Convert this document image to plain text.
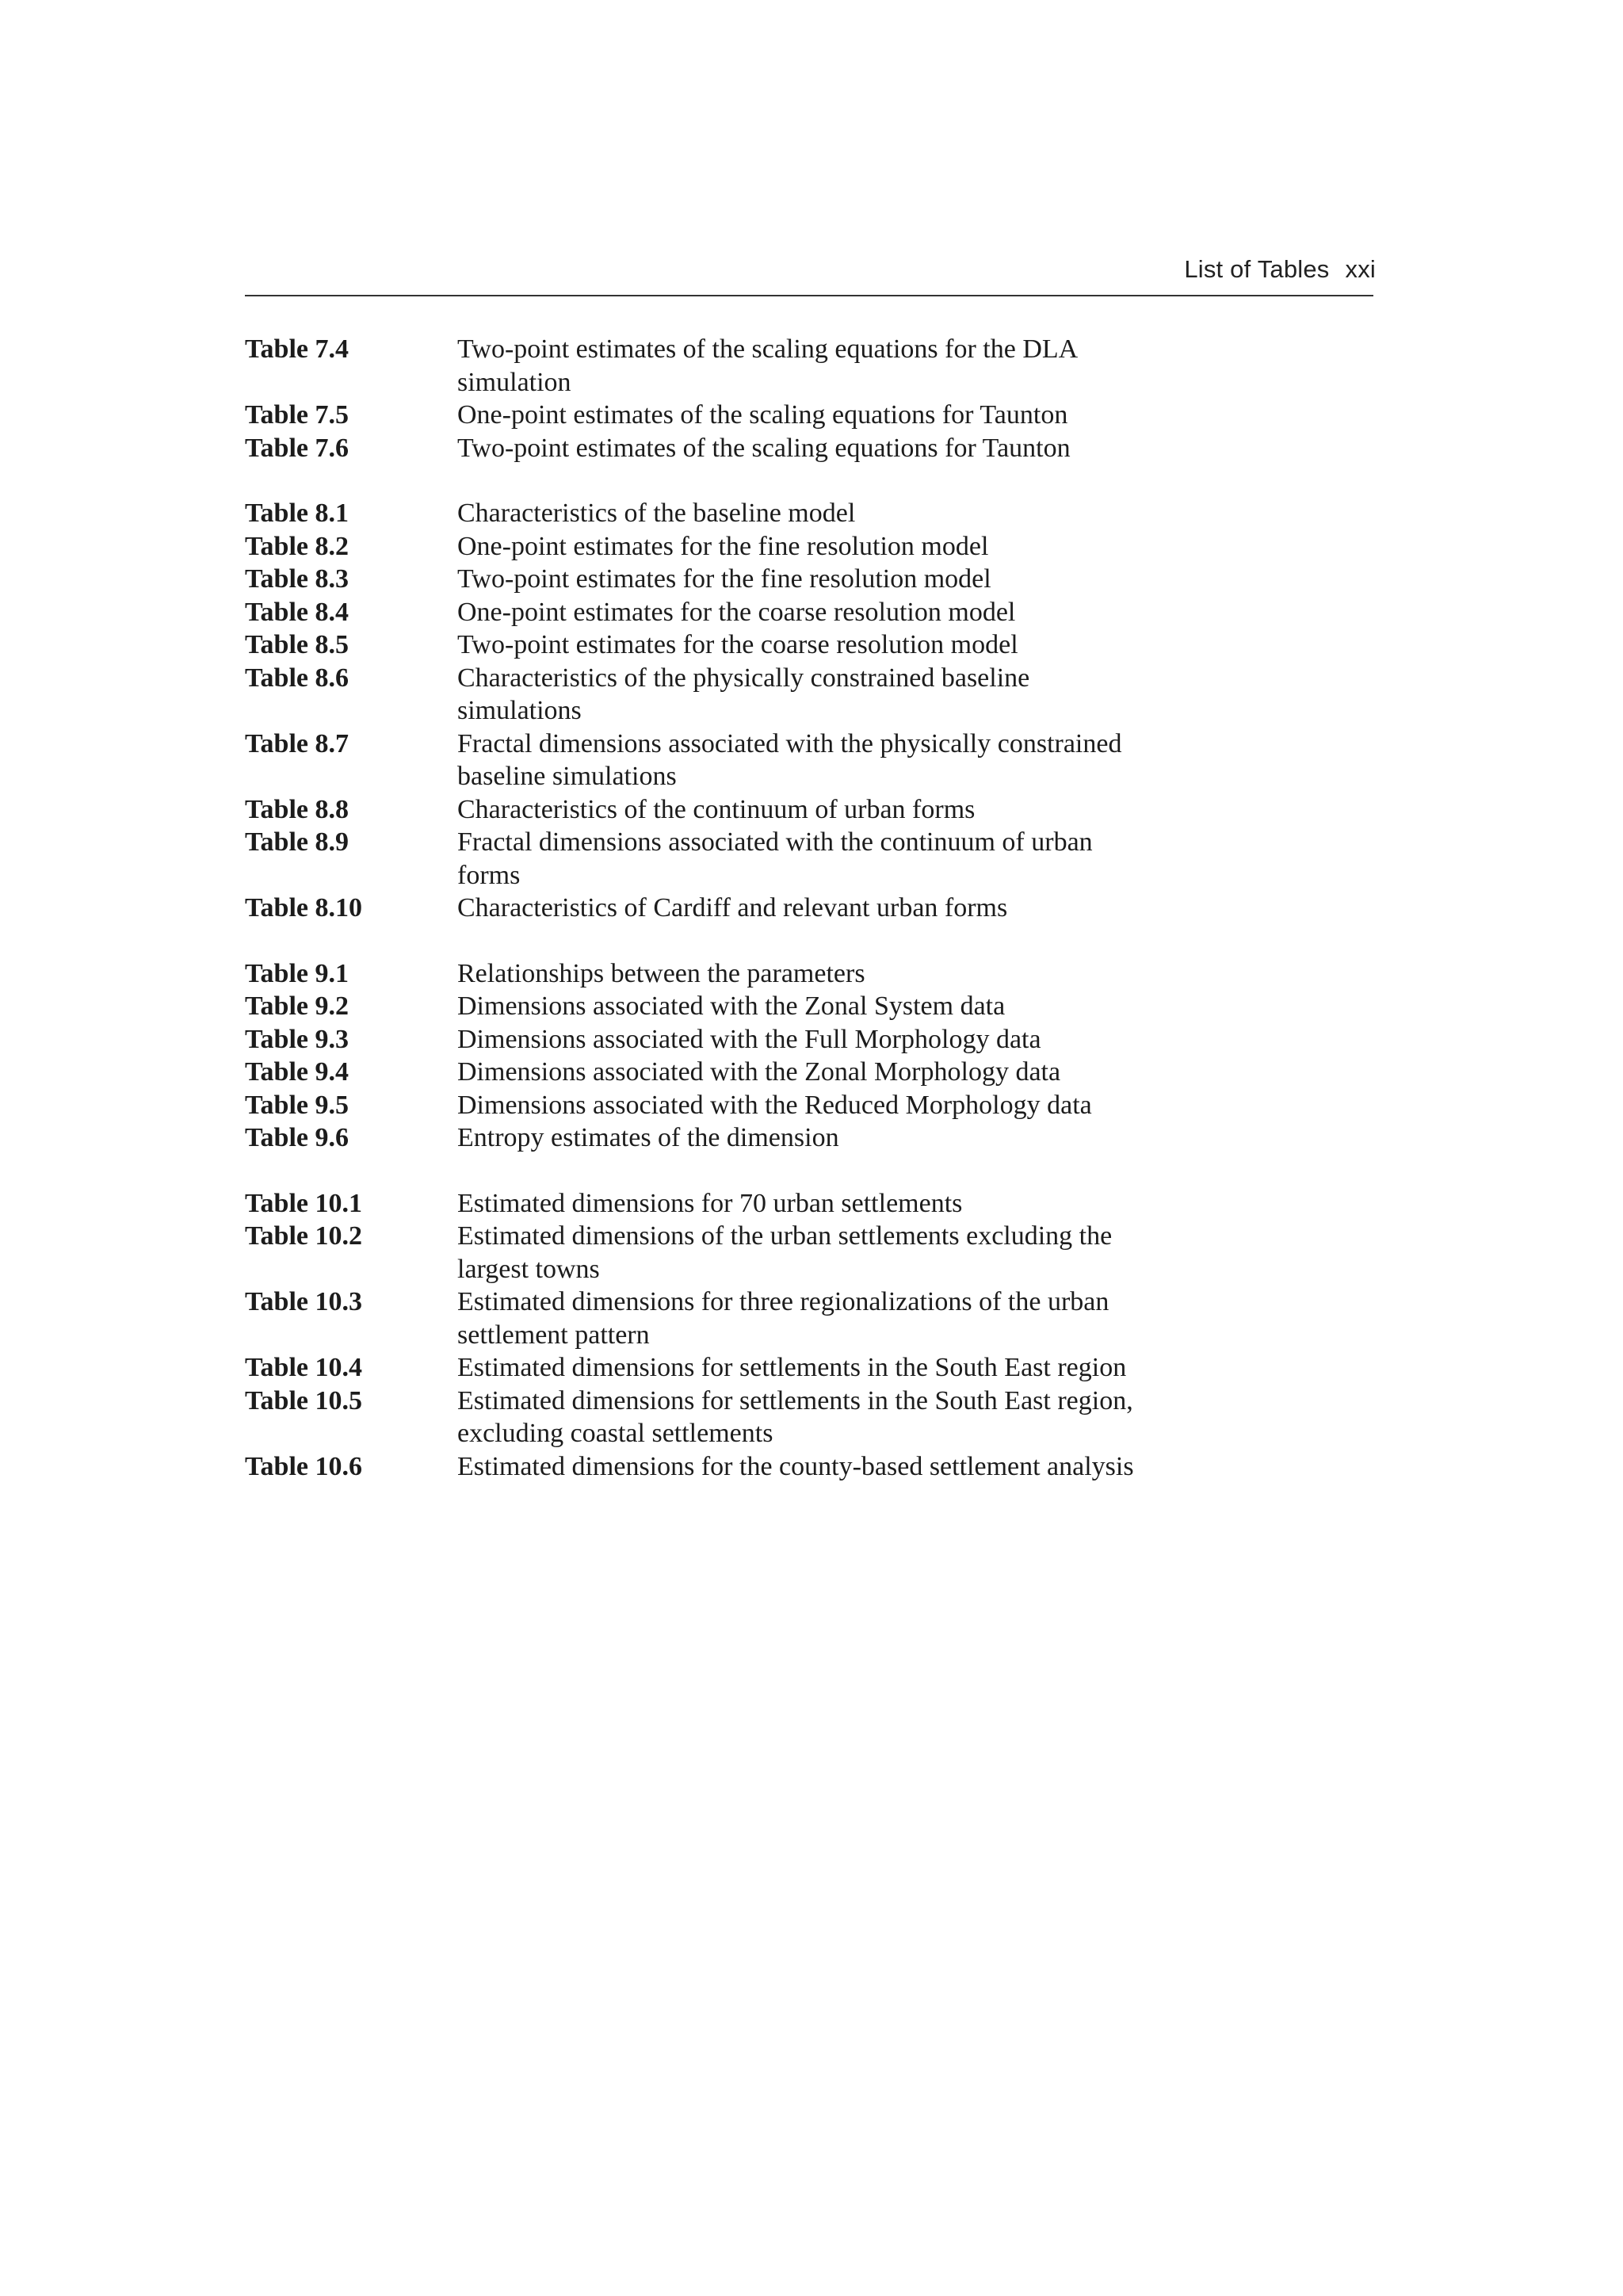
List of Tables xxi
Table 7.4	Two-point estimates of the scaling equations for the DLA simulation
Table 7.5	One-point estimates of the scaling equations for Taunton
Table 7.6	Two-point estimates of the scaling equations for Taunton
Table 8.1	Characteristics of the baseline model
Table 8.2	One-point estimates for the fine resolution model
Table 8.3	Two-point estimates for the fine resolution model
Table 8.4	One-point estimates for the coarse resolution model
Table 8.5	Two-point estimates for the coarse resolution model
Table 8.6	Characteristics of the physically constrained baseline simulations
Table 8.7	Fractal dimensions associated with the physically constrained baseline simulations
Table 8.8	Characteristics of the continuum of urban forms
Table 8.9	Fractal dimensions associated with the continuum of urban forms
Table 8.10	Characteristics of Cardiff and relevant urban forms
Table 9.1	Relationships between the parameters
Table 9.2	Dimensions associated with the Zonal System data
Table 9.3	Dimensions associated with the Full Morphology data
Table 9.4	Dimensions associated with the Zonal Morphology data
Table 9.5	Dimensions associated with the Reduced Morphology data
Table 9.6	Entropy estimates of the dimension
Table 10.1	Estimated dimensions for 70 urban settlements
Table 10.2	Estimated dimensions of the urban settlements excluding the largest towns
Table 10.3	Estimated dimensions for three regionalizations of the urban settlement pattern
Table 10.4	Estimated dimensions for settlements in the South East region
Table 10.5	Estimated dimensions for settlements in the South East region, excluding coastal settlements
Table 10.6	Estimated dimensions for the county-based settlement analysis
